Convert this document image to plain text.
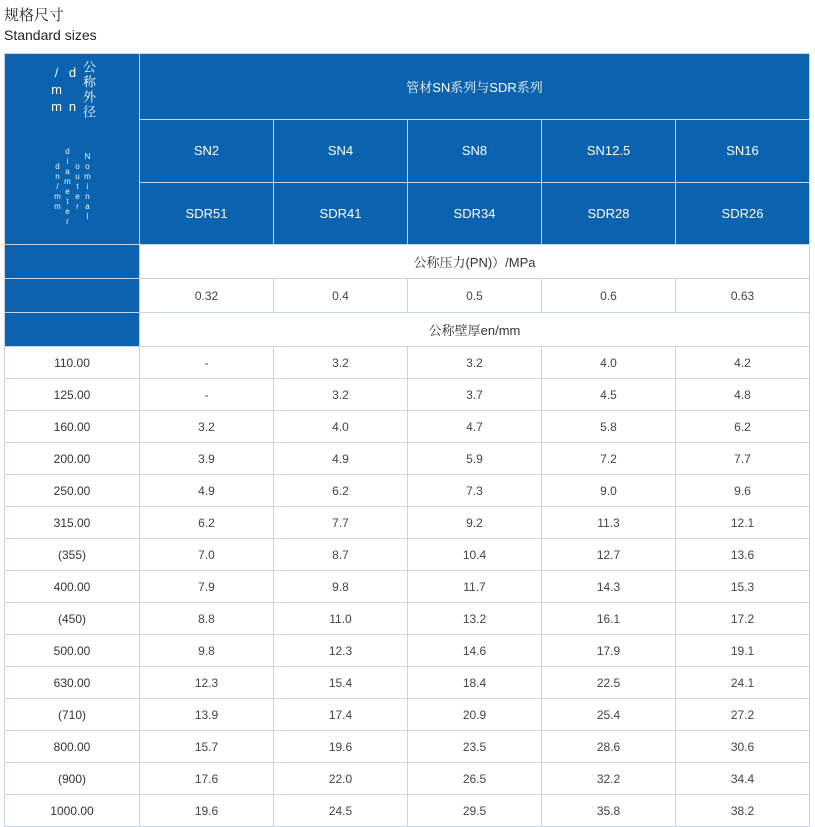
规格尺寸
Standard sizes
公称外径d n /mm
Nominal outer diameter dn/mm	管材SN系列与SDR系列				
	SN2	SN4	SN8	SN12.5	SN16
	SDR51	SDR41	SDR34	SDR28	SDR26
	公称压力(PN)）/MPa				
	0.32	0.4	0.5	0.6	0.63
	公称壁厚en/mm				
110.00	-	3.2	3.2	4.0	4.2
125.00	-	3.2	3.7	4.5	4.8
160.00	3.2	4.0	4.7	5.8	6.2
200.00	3.9	4.9	5.9	7.2	7.7
250.00	4.9	6.2	7.3	9.0	9.6
315.00	6.2	7.7	9.2	11.3	12.1
(355)	7.0	8.7	10.4	12.7	13.6
400.00	7.9	9.8	11.7	14.3	15.3
(450)	8.8	11.0	13.2	16.1	17.2
500.00	9.8	12.3	14.6	17.9	19.1
630.00	12.3	15.4	18.4	22.5	24.1
(710)	13.9	17.4	20.9	25.4	27.2
800.00	15.7	19.6	23.5	28.6	30.6
(900)	17.6	22.0	26.5	32.2	34.4
1000.00	19.6	24.5	29.5	35.8	38.2
